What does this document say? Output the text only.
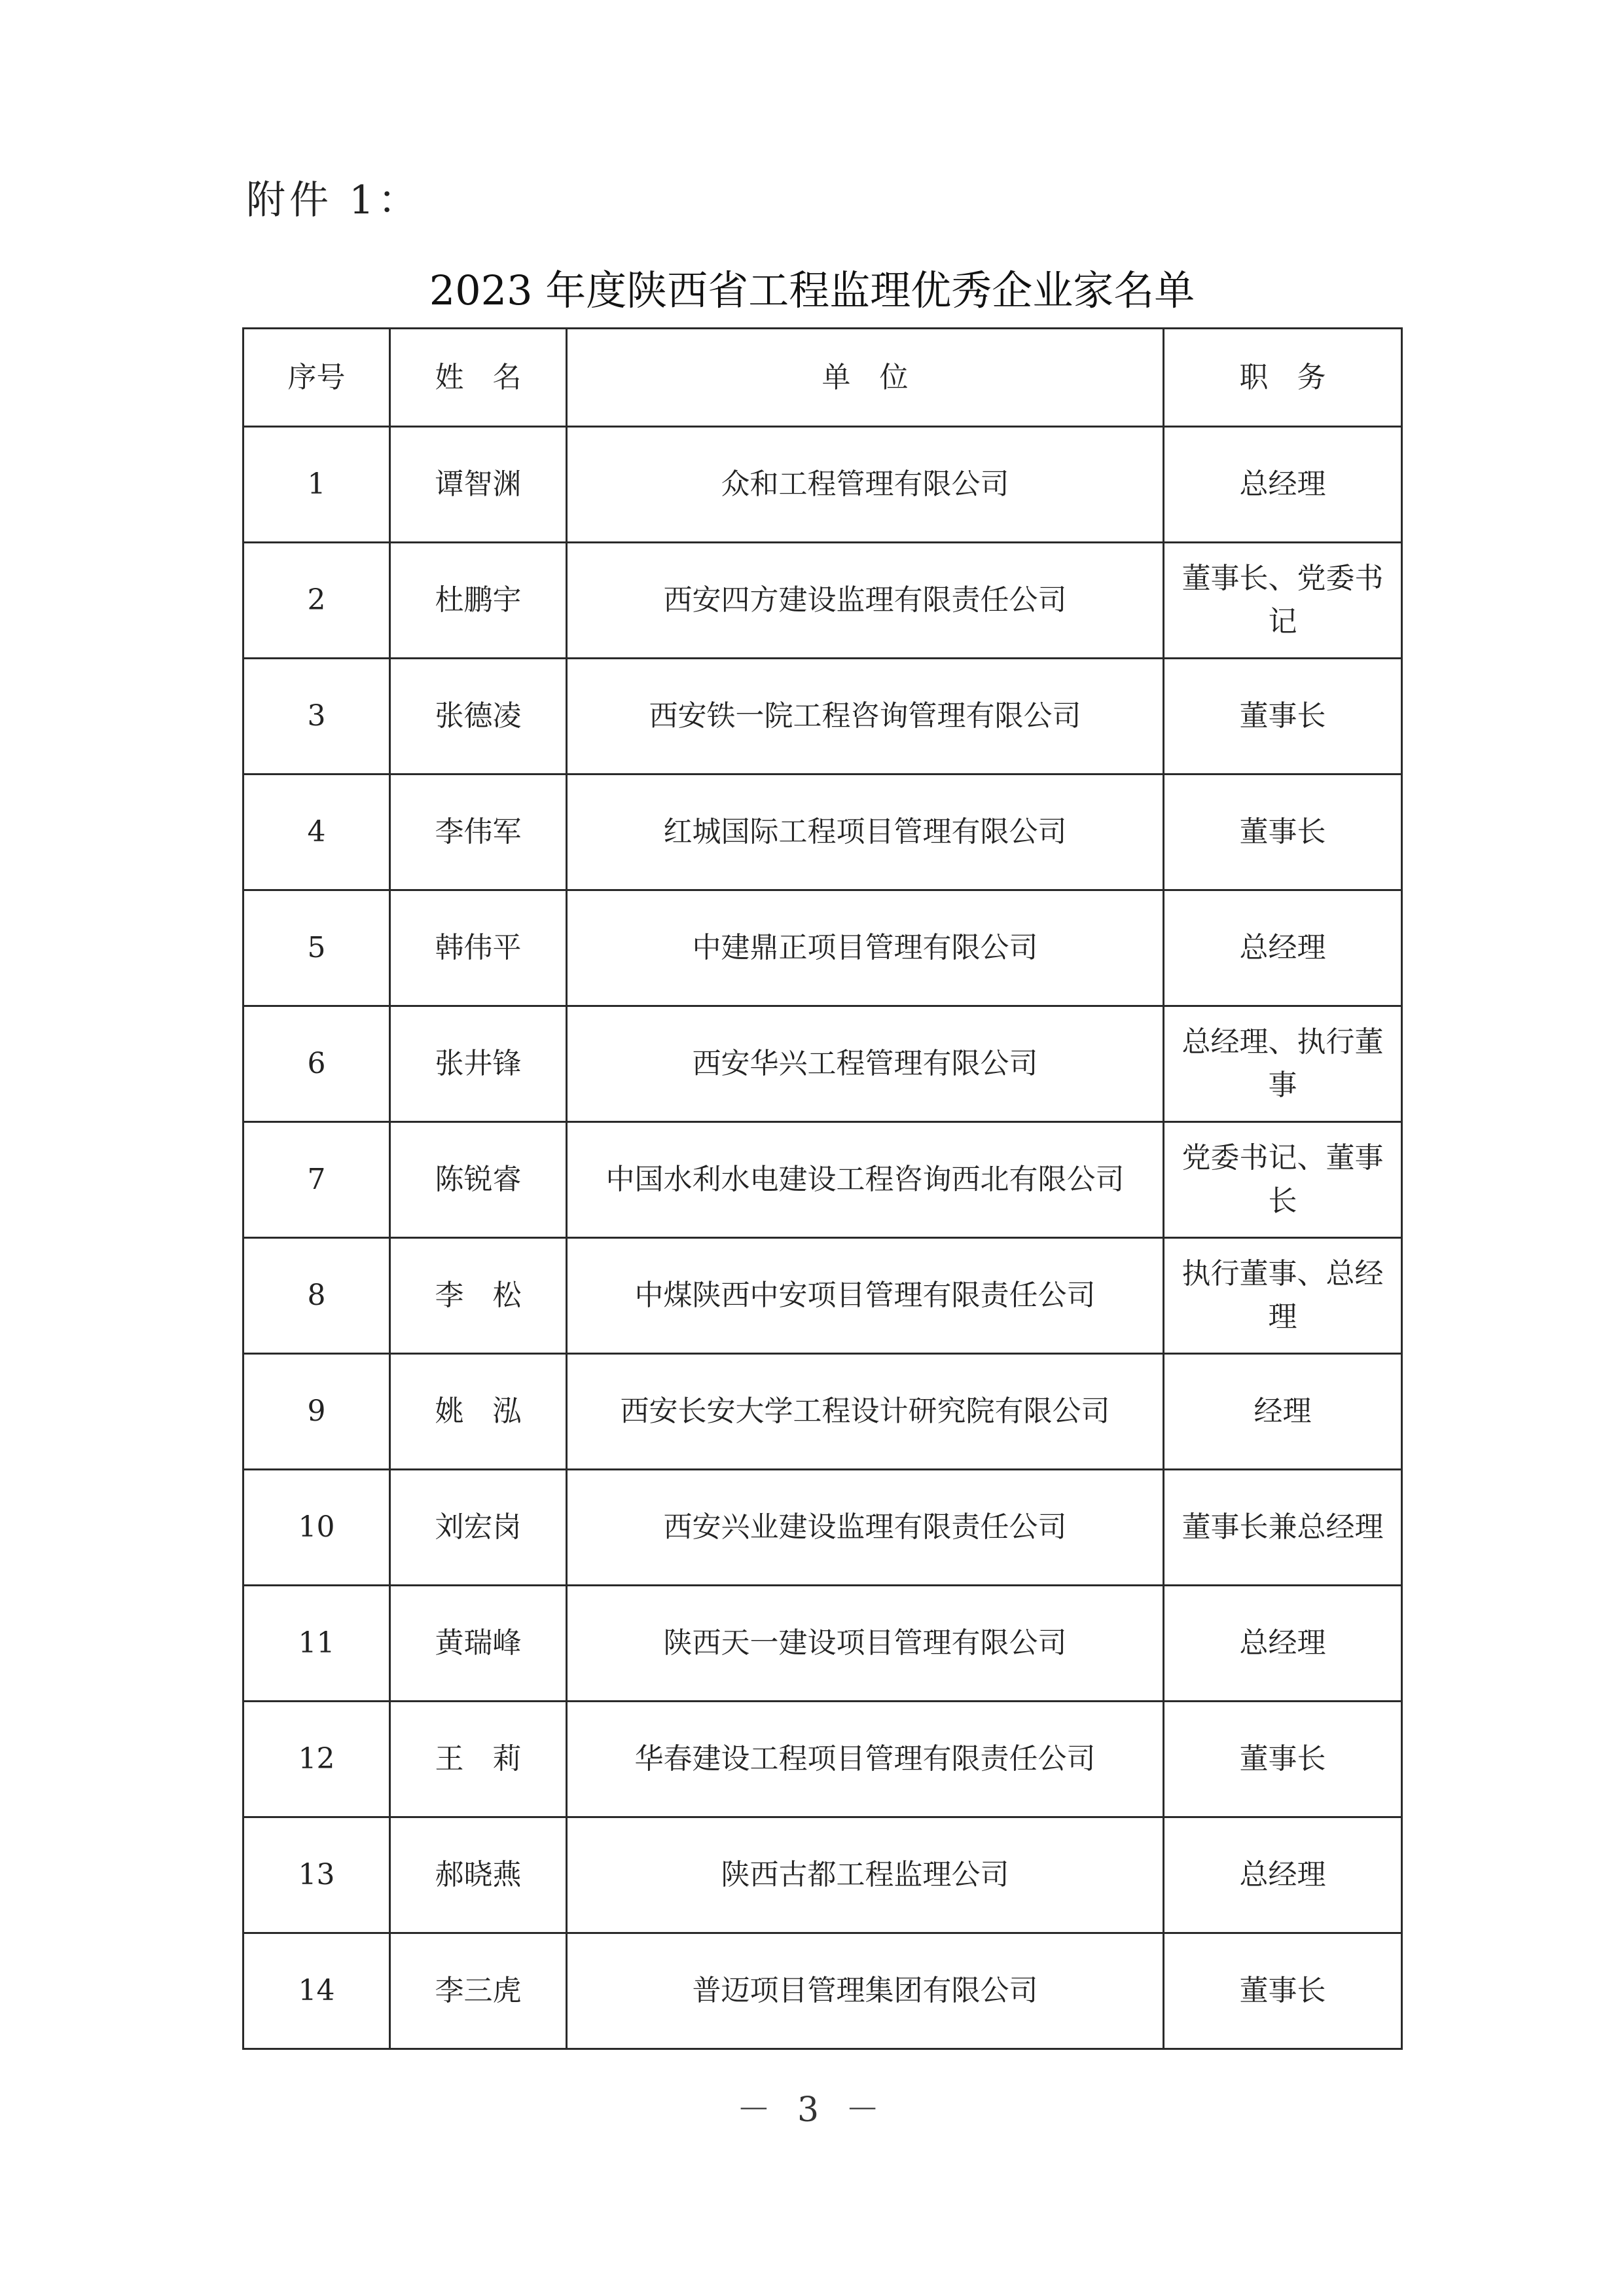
附件 1：
2023 年度陕西省工程监理优秀企业家名单
序号	姓　名	单　位	职　务
1	谭智渊	众和工程管理有限公司	总经理
2	杜鹏宇	西安四方建设监理有限责任公司	董事长、党委书记
3	张德凌	西安铁一院工程咨询管理有限公司	董事长
4	李伟军	红城国际工程项目管理有限公司	董事长
5	韩伟平	中建鼎正项目管理有限公司	总经理
6	张井锋	西安华兴工程管理有限公司	总经理、执行董事
7	陈锐睿	中国水利水电建设工程咨询西北有限公司	党委书记、董事长
8	李　松	中煤陕西中安项目管理有限责任公司	执行董事、总经理
9	姚　泓	西安长安大学工程设计研究院有限公司	经理
10	刘宏岗	西安兴业建设监理有限责任公司	董事长兼总经理
11	黄瑞峰	陕西天一建设项目管理有限公司	总经理
12	王　莉	华春建设工程项目管理有限责任公司	董事长
13	郝晓燕	陕西古都工程监理公司	总经理
14	李三虎	普迈项目管理集团有限公司	董事长
－ 3 －
